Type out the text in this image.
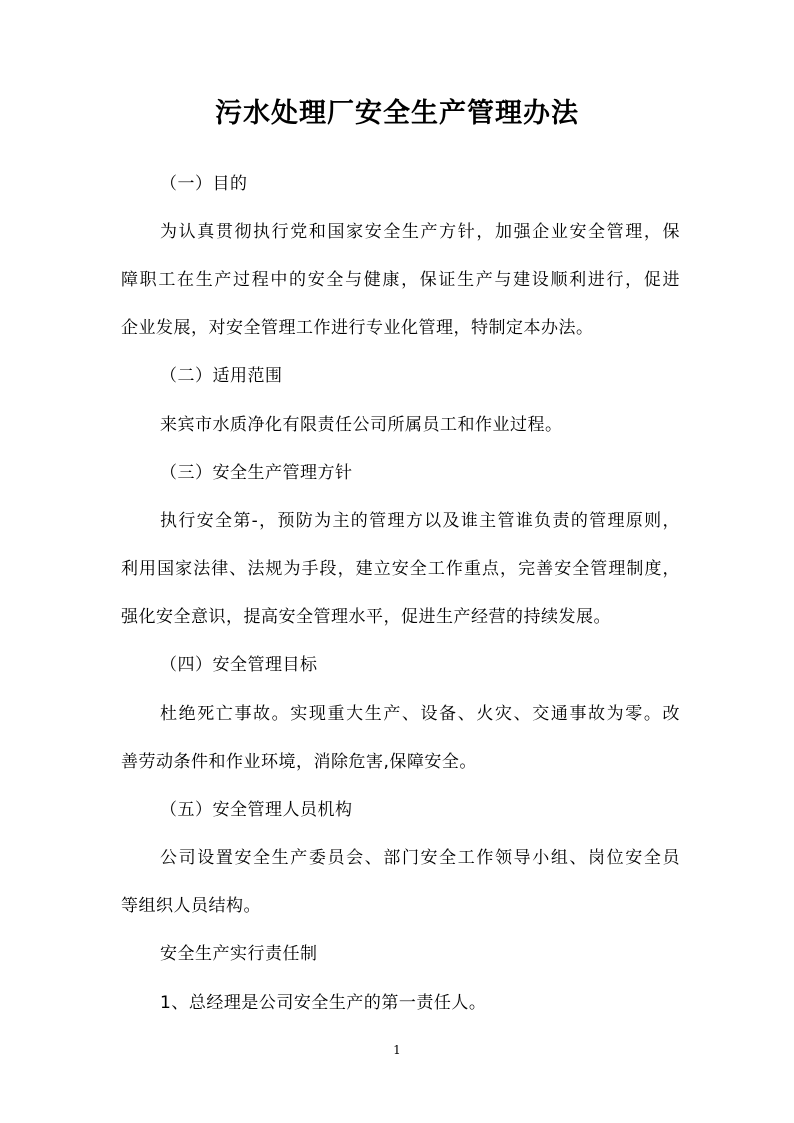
污水处理厂安全生产管理办法
（一）目的
为认真贯彻执行党和国家安全生产方针，加强企业安全管理，保
障职工在生产过程中的安全与健康，保证生产与建设顺利进行，促进
企业发展，对安全管理工作进行专业化管理，特制定本办法。
（二）适用范围
来宾市水质净化有限责任公司所属员工和作业过程。
（三）安全生产管理方针
执行安全第-，预防为主的管理方以及谁主管谁负责的管理原则，
利用国家法律、法规为手段，建立安全工作重点，完善安全管理制度，
强化安全意识，提高安全管理水平，促进生产经营的持续发展。
（四）安全管理目标
杜绝死亡事故。实现重大生产、设备、火灾、交通事故为零。改
善劳动条件和作业环境，消除危害,保障安全。
（五）安全管理人员机构
公司设置安全生产委员会、部门安全工作领导小组、岗位安全员
等组织人员结构。
安全生产实行责任制
1、总经理是公司安全生产的第一责任人。
1
